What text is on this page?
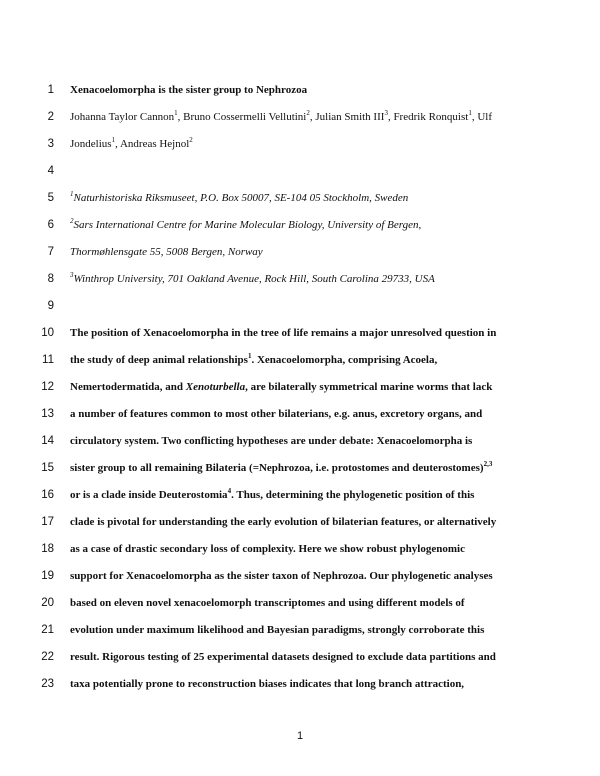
1 Xenacoelomorpha is the sister group to Nephrozoa
2 Johanna Taylor Cannon$^1$, Bruno Cossermelli Vellutini$^2$, Julian Smith III$^3$, Fredrik Ronquist$^1$, Ulf
3 Jondelius$^1$, Andreas Hejnol$^2$
4
5 $^1$Naturhistoriska Riksmuseet, P.O. Box 50007, SE-104 05 Stockholm, Sweden
6 $^2$Sars International Centre for Marine Molecular Biology, University of Bergen,
7 Thormøhlensgate 55, 5008 Bergen, Norway
8 $^3$Winthrop University, 701 Oakland Avenue, Rock Hill, South Carolina 29733, USA
9
10 The position of Xenacoelomorpha in the tree of life remains a major unresolved question in
11 the study of deep animal relationships$^1$. Xenacoelomorpha, comprising Acoela,
12 Nemertodermatida, and Xenoturbella, are bilaterally symmetrical marine worms that lack
13 a number of features common to most other bilaterians, e.g. anus, excretory organs, and
14 circulatory system. Two conflicting hypotheses are under debate: Xenacoelomorpha is
15 sister group to all remaining Bilateria (=Nephrozoa, i.e. protostomes and deuterostomes)$^{2,3}$
16 or is a clade inside Deuterostomia$^4$. Thus, determining the phylogenetic position of this
17 clade is pivotal for understanding the early evolution of bilaterian features, or alternatively
18 as a case of drastic secondary loss of complexity. Here we show robust phylogenomic
19 support for Xenacoelomorpha as the sister taxon of Nephrozoa. Our phylogenetic analyses
20 based on eleven novel xenacoelomorph transcriptomes and using different models of
21 evolution under maximum likelihood and Bayesian paradigms, strongly corroborate this
22 result. Rigorous testing of 25 experimental datasets designed to exclude data partitions and
23 taxa potentially prone to reconstruction biases indicates that long branch attraction,
1
